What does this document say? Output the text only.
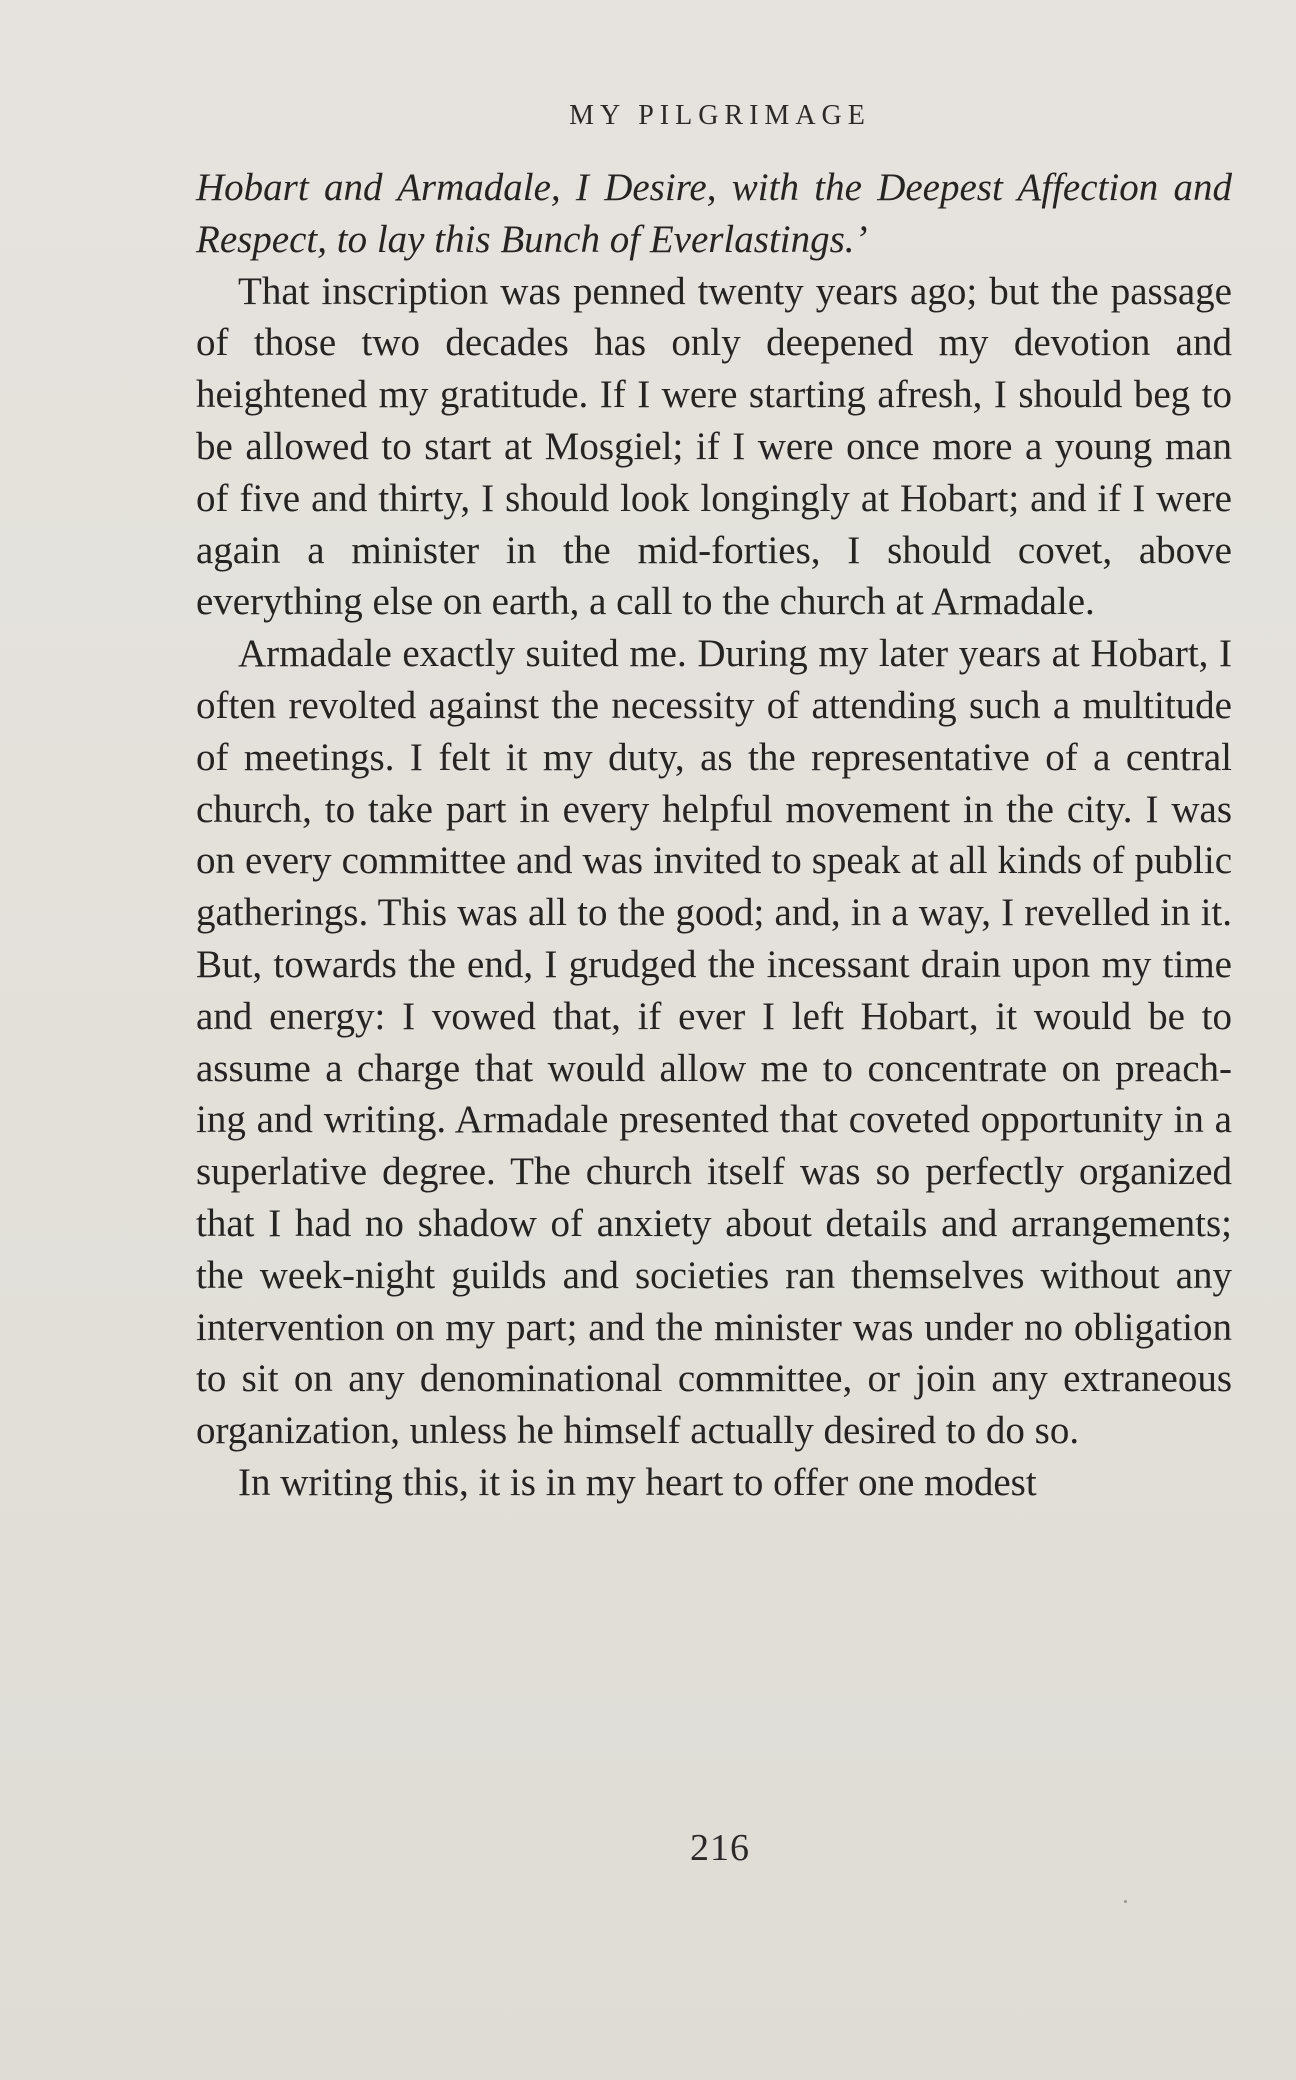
MY PILGRIMAGE

Hobart and Armadale, I Desire, with the Deepest Affection and Respect, to lay this Bunch of Everlastings.’

That inscription was penned twenty years ago; but the passage of those two decades has only deepened my devotion and heightened my gratitude. If I were starting afresh, I should beg to be allowed to start at Mosgiel; if I were once more a young man of five and thirty, I should look longingly at Hobart; and if I were again a minister in the mid-forties, I should covet, above everything else on earth, a call to the church at Armadale.

Armadale exactly suited me. During my later years at Hobart, I often revolted against the necessity of attending such a multitude of meetings. I felt it my duty, as the representative of a central church, to take part in every helpful movement in the city. I was on every committee and was invited to speak at all kinds of public gatherings. This was all to the good; and, in a way, I revelled in it. But, towards the end, I grudged the incessant drain upon my time and energy: I vowed that, if ever I left Hobart, it would be to assume a charge that would allow me to concentrate on preach-ing and writing. Armadale presented that coveted opportunity in a superlative degree. The church itself was so perfectly organized that I had no shadow of anxiety about details and arrangements; the week-night guilds and societies ran themselves without any intervention on my part; and the minister was under no obligation to sit on any denominational committee, or join any extraneous organization, unless he himself actually desired to do so.

In writing this, it is in my heart to offer one modest

216
